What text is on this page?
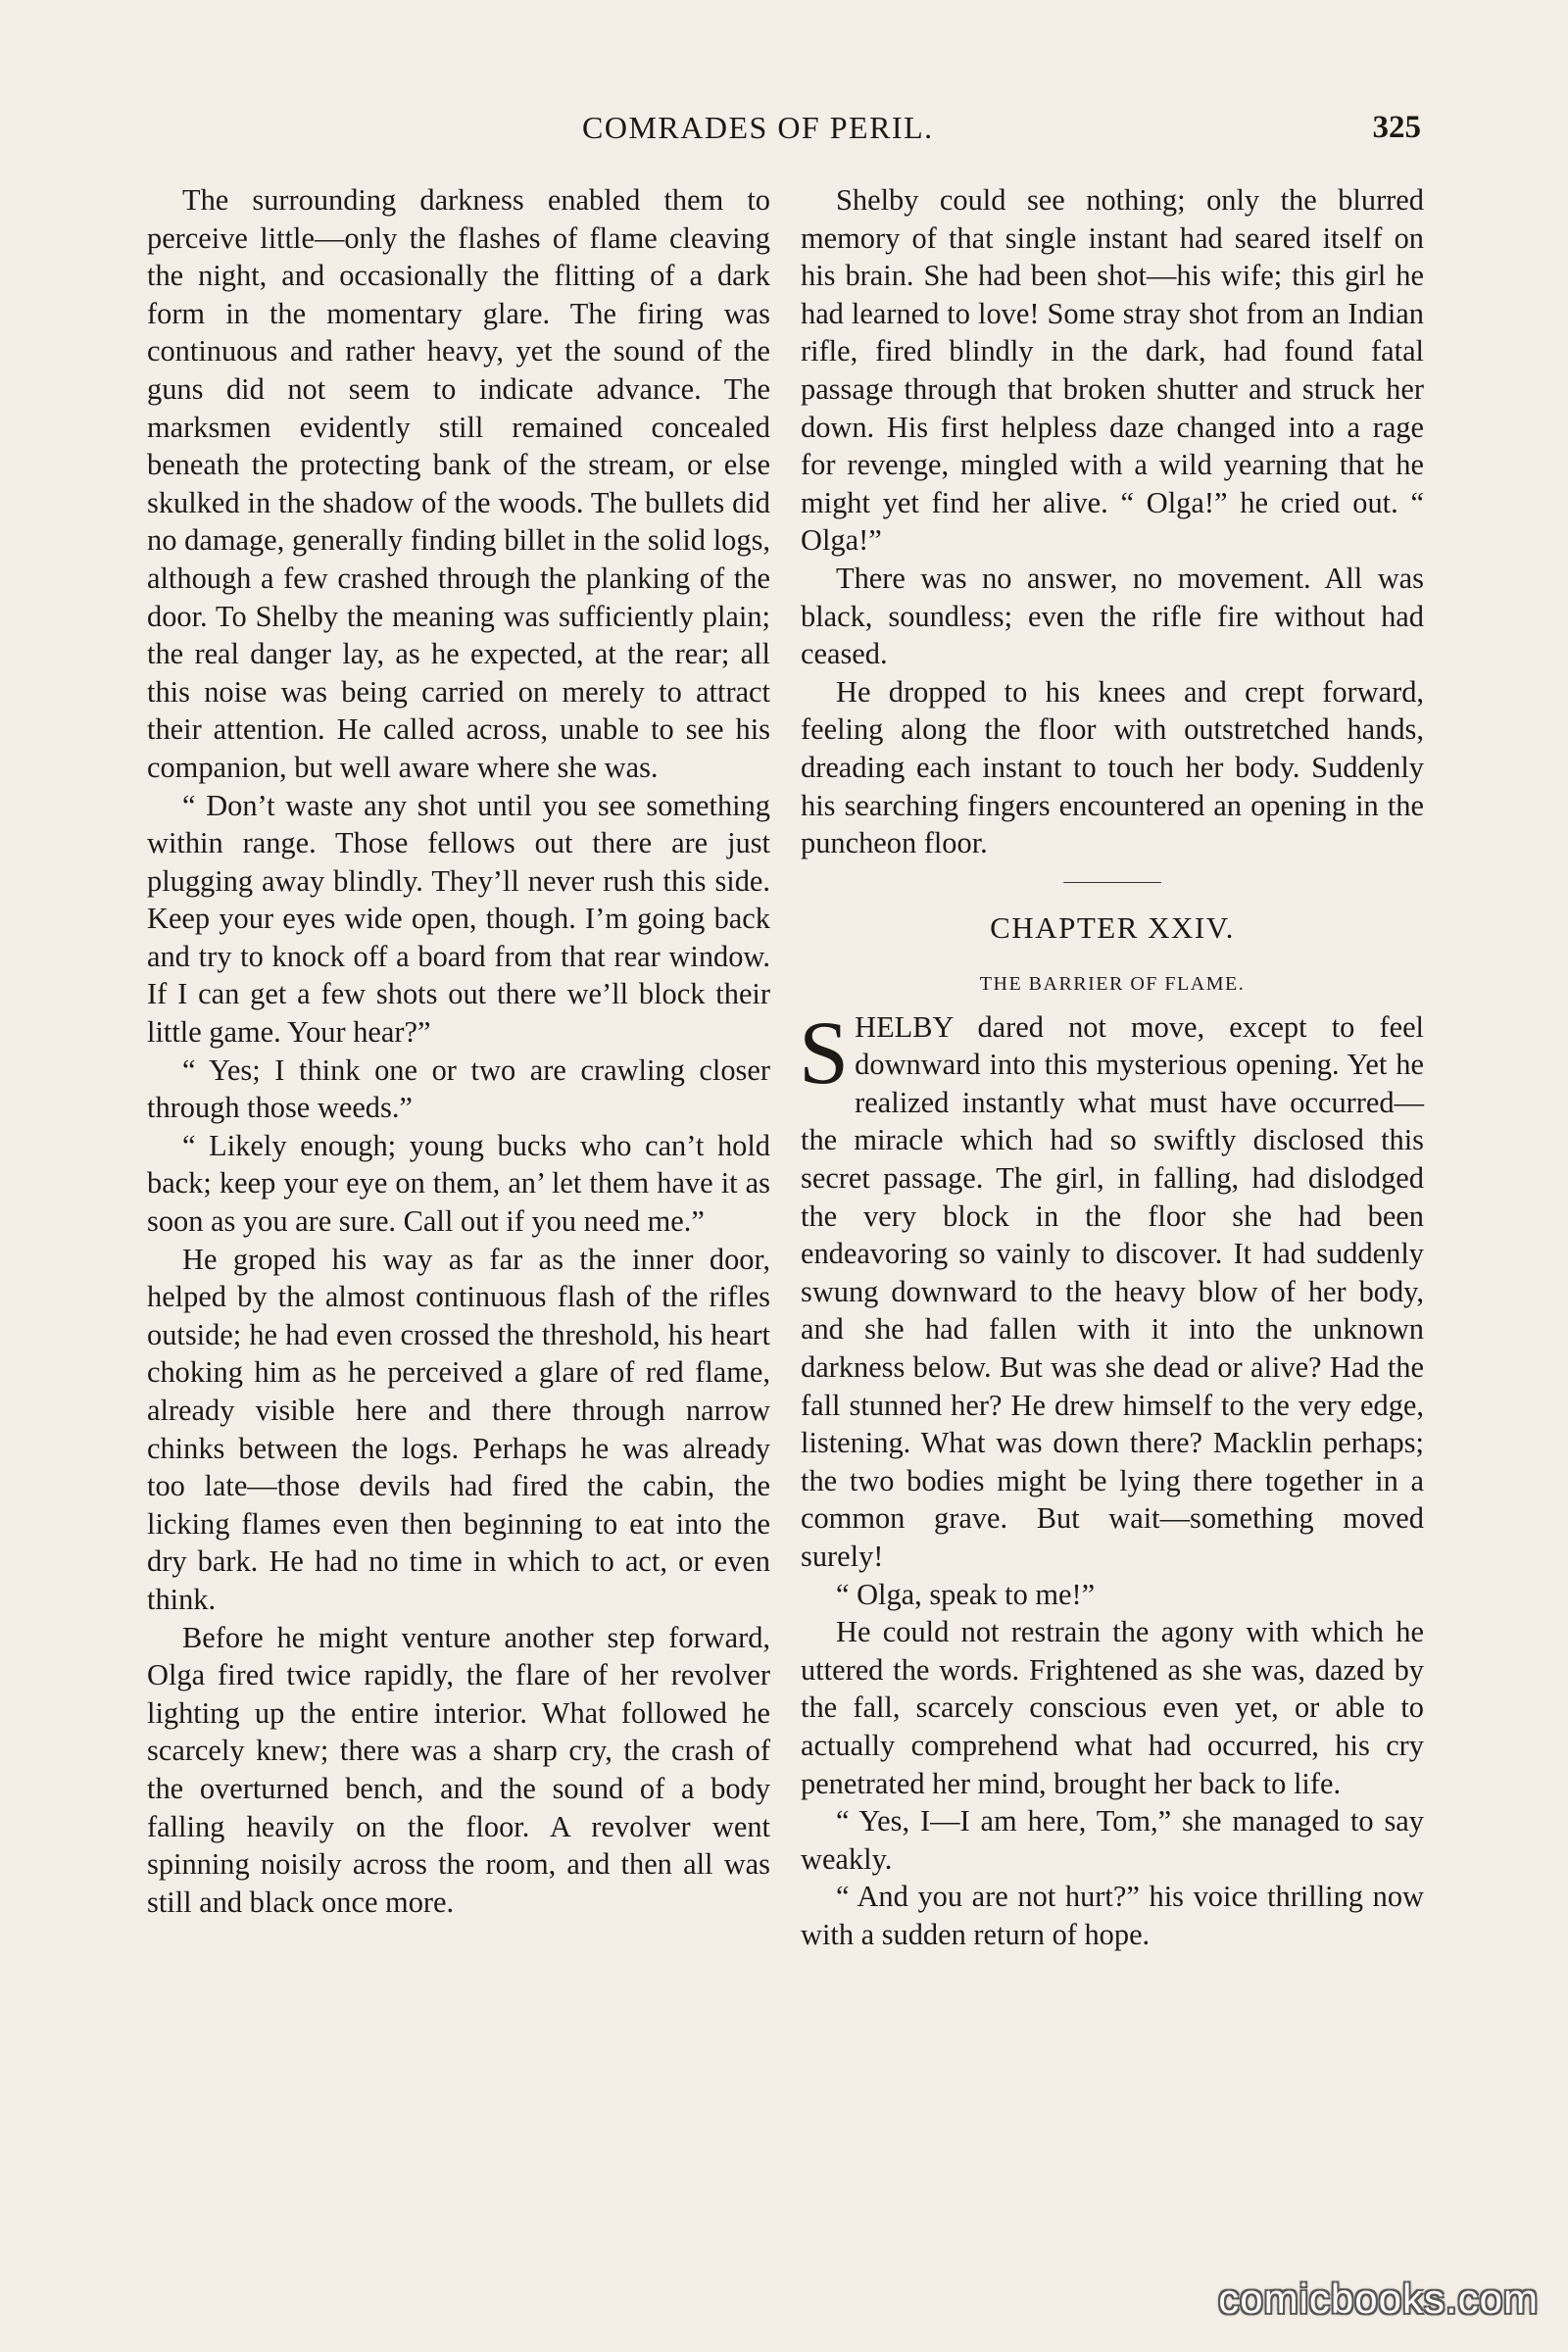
COMRADES OF PERIL.	325

The surrounding darkness enabled them to perceive little—only the flashes of flame cleaving the night, and occasionally the flitting of a dark form in the momentary glare. The firing was continuous and rather heavy, yet the sound of the guns did not seem to indicate advance. The marksmen evidently still remained concealed beneath the protecting bank of the stream, or else skulked in the shadow of the woods. The bullets did no damage, generally finding billet in the solid logs, although a few crashed through the planking of the door. To Shelby the meaning was sufficiently plain; the real danger lay, as he expected, at the rear; all this noise was being carried on merely to attract their attention. He called across, unable to see his companion, but well aware where she was.

“ Don’t waste any shot until you see something within range. Those fellows out there are just plugging away blindly. They’ll never rush this side. Keep your eyes wide open, though. I’m going back and try to knock off a board from that rear window. If I can get a few shots out there we’ll block their little game. Your hear?”

“ Yes; I think one or two are crawling closer through those weeds.”

“ Likely enough; young bucks who can’t hold back; keep your eye on them, an’ let them have it as soon as you are sure. Call out if you need me.”

He groped his way as far as the inner door, helped by the almost continuous flash of the rifles outside; he had even crossed the threshold, his heart choking him as he perceived a glare of red flame, already visible here and there through narrow chinks between the logs. Perhaps he was already too late—those devils had fired the cabin, the licking flames even then beginning to eat into the dry bark. He had no time in which to act, or even think.

Before he might venture another step forward, Olga fired twice rapidly, the flare of her revolver lighting up the entire interior. What followed he scarcely knew; there was a sharp cry, the crash of the overturned bench, and the sound of a body falling heavily on the floor. A revolver went spinning noisily across the room, and then all was still and black once more.

Shelby could see nothing; only the blurred memory of that single instant had seared itself on his brain. She had been shot—his wife; this girl he had learned to love! Some stray shot from an Indian rifle, fired blindly in the dark, had found fatal passage through that broken shutter and struck her down. His first helpless daze changed into a rage for revenge, mingled with a wild yearning that he might yet find her alive. “ Olga!” he cried out. “ Olga!”

There was no answer, no movement. All was black, soundless; even the rifle fire without had ceased.

He dropped to his knees and crept forward, feeling along the floor with outstretched hands, dreading each instant to touch her body. Suddenly his searching fingers encountered an opening in the puncheon floor.

CHAPTER XXIV.
THE BARRIER OF FLAME.

SHELBY dared not move, except to feel downward into this mysterious opening. Yet he realized instantly what must have occurred—the miracle which had so swiftly disclosed this secret passage. The girl, in falling, had dislodged the very block in the floor she had been endeavoring so vainly to discover. It had suddenly swung downward to the heavy blow of her body, and she had fallen with it into the unknown darkness below. But was she dead or alive? Had the fall stunned her? He drew himself to the very edge, listening. What was down there? Macklin perhaps; the two bodies might be lying there together in a common grave. But wait—something moved surely!

“ Olga, speak to me!”

He could not restrain the agony with which he uttered the words. Frightened as she was, dazed by the fall, scarcely conscious even yet, or able to actually comprehend what had occurred, his cry penetrated her mind, brought her back to life.

“ Yes, I—I am here, Tom,” she managed to say weakly.

“ And you are not hurt?” his voice thrilling now with a sudden return of hope.

comicbooks.com
